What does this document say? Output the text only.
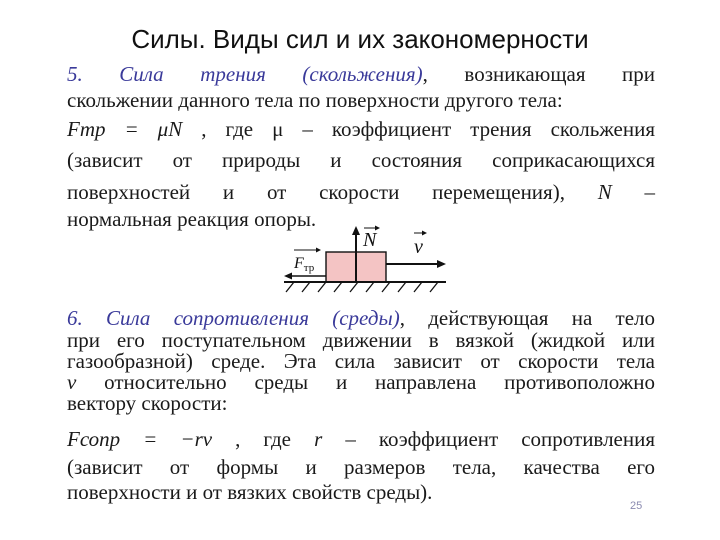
Силы. Виды сил и их закономерности
5. Сила трения (скольжения), возникающая при
скольжении данного тела по поверхности другого тела:
Fтр = μN , где μ – коэффициент трения скольжения
(зависит от природы и состояния соприкасающихся
поверхностей и от скорости перемещения), N –
нормальная реакция опоры.
N v
Fтр
6. Сила сопротивления (среды), действующая на тело
при его поступательном движении в вязкой (жидкой или
газообразной) среде. Эта сила зависит от скорости тела
v относительно среды и направлена противоположно
вектору скорости:
Fсопр = −rv , где r – коэффициент сопротивления
(зависит от формы и размеров тела, качества его
поверхности и от вязких свойств среды).
25
